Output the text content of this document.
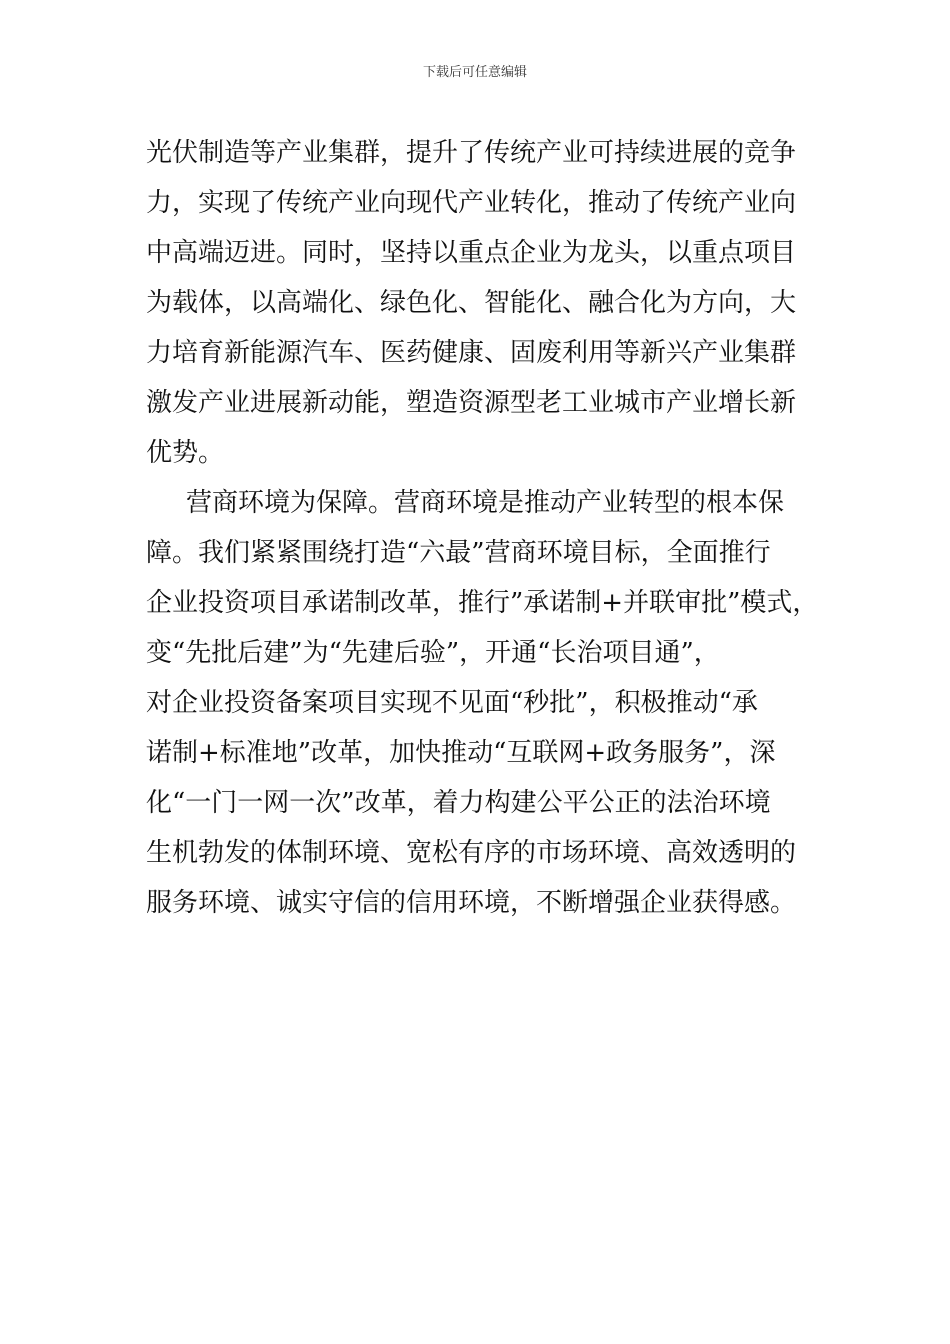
下载后可任意编辑
光伏制造等产业集群，提升了传统产业可持续进展的竞争
力，实现了传统产业向现代产业转化，推动了传统产业向
中高端迈进。同时，坚持以重点企业为龙头，以重点项目
为载体，以高端化、绿色化、智能化、融合化为方向，大
力培育新能源汽车、医药健康、固废利用等新兴产业集群
激发产业进展新动能，塑造资源型老工业城市产业增长新
优势。
营商环境为保障。营商环境是推动产业转型的根本保
障。我们紧紧围绕打造“六最”营商环境目标，全面推行
企业投资项目承诺制改革，推行”承诺制+并联审批”模式，
变“先批后建”为“先建后验”，开通“长治项目通”，
对企业投资备案项目实现不见面“秒批”，积极推动“承
诺制+标准地”改革，加快推动“互联网+政务服务”，深
化“一门一网一次”改革，着力构建公平公正的法治环境
生机勃发的体制环境、宽松有序的市场环境、高效透明的
服务环境、诚实守信的信用环境，不断增强企业获得感。
